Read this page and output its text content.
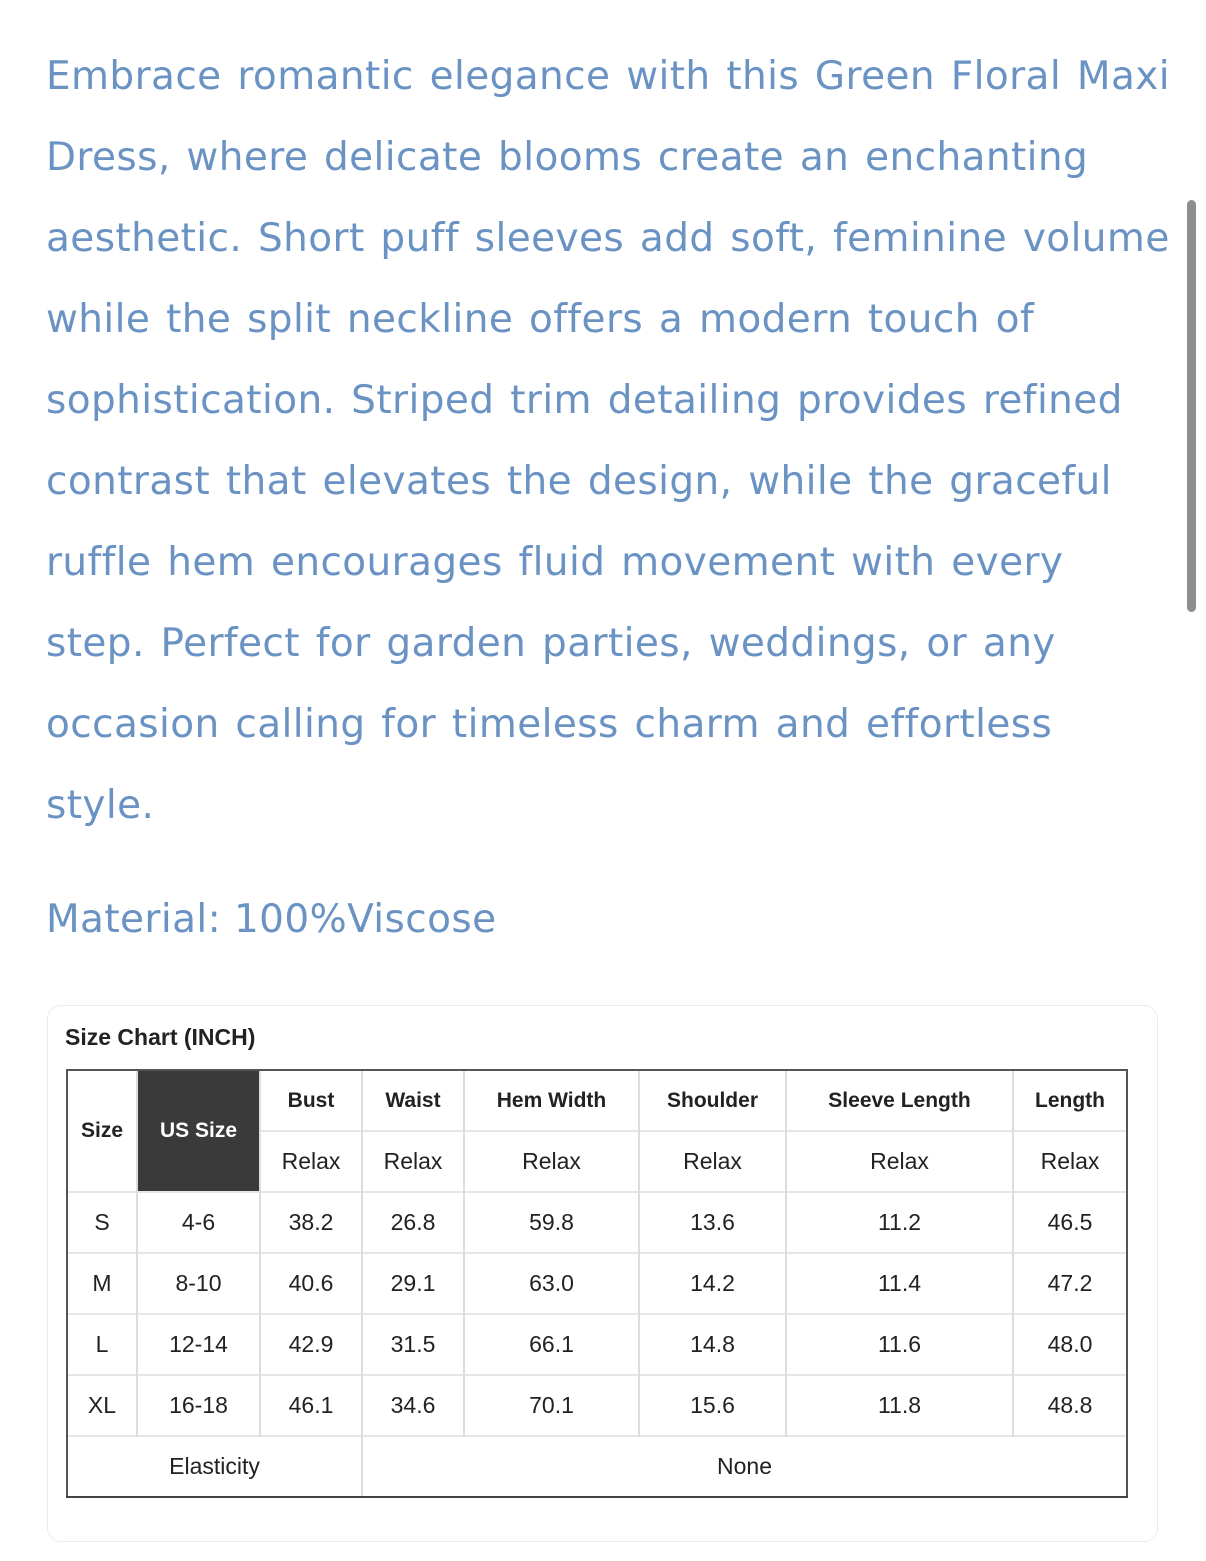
Embrace romantic elegance with this Green Floral Maxi Dress, where delicate blooms create an enchanting aesthetic. Short puff sleeves add soft, feminine volume while the split neckline offers a modern touch of sophistication. Striped trim detailing provides refined contrast that elevates the design, while the graceful ruffle hem encourages fluid movement with every step. Perfect for garden parties, weddings, or any occasion calling for timeless charm and effortless style.

Material: 100%Viscose

Size Chart (INCH)
Size	US Size	Bust	Waist	Hem Width	Shoulder	Sleeve Length	Length
		Relax	Relax	Relax	Relax	Relax	Relax
S	4-6	38.2	26.8	59.8	13.6	11.2	46.5
M	8-10	40.6	29.1	63.0	14.2	11.4	47.2
L	12-14	42.9	31.5	66.1	14.8	11.6	48.0
XL	16-18	46.1	34.6	70.1	15.6	11.8	48.8
Elasticity			None				
